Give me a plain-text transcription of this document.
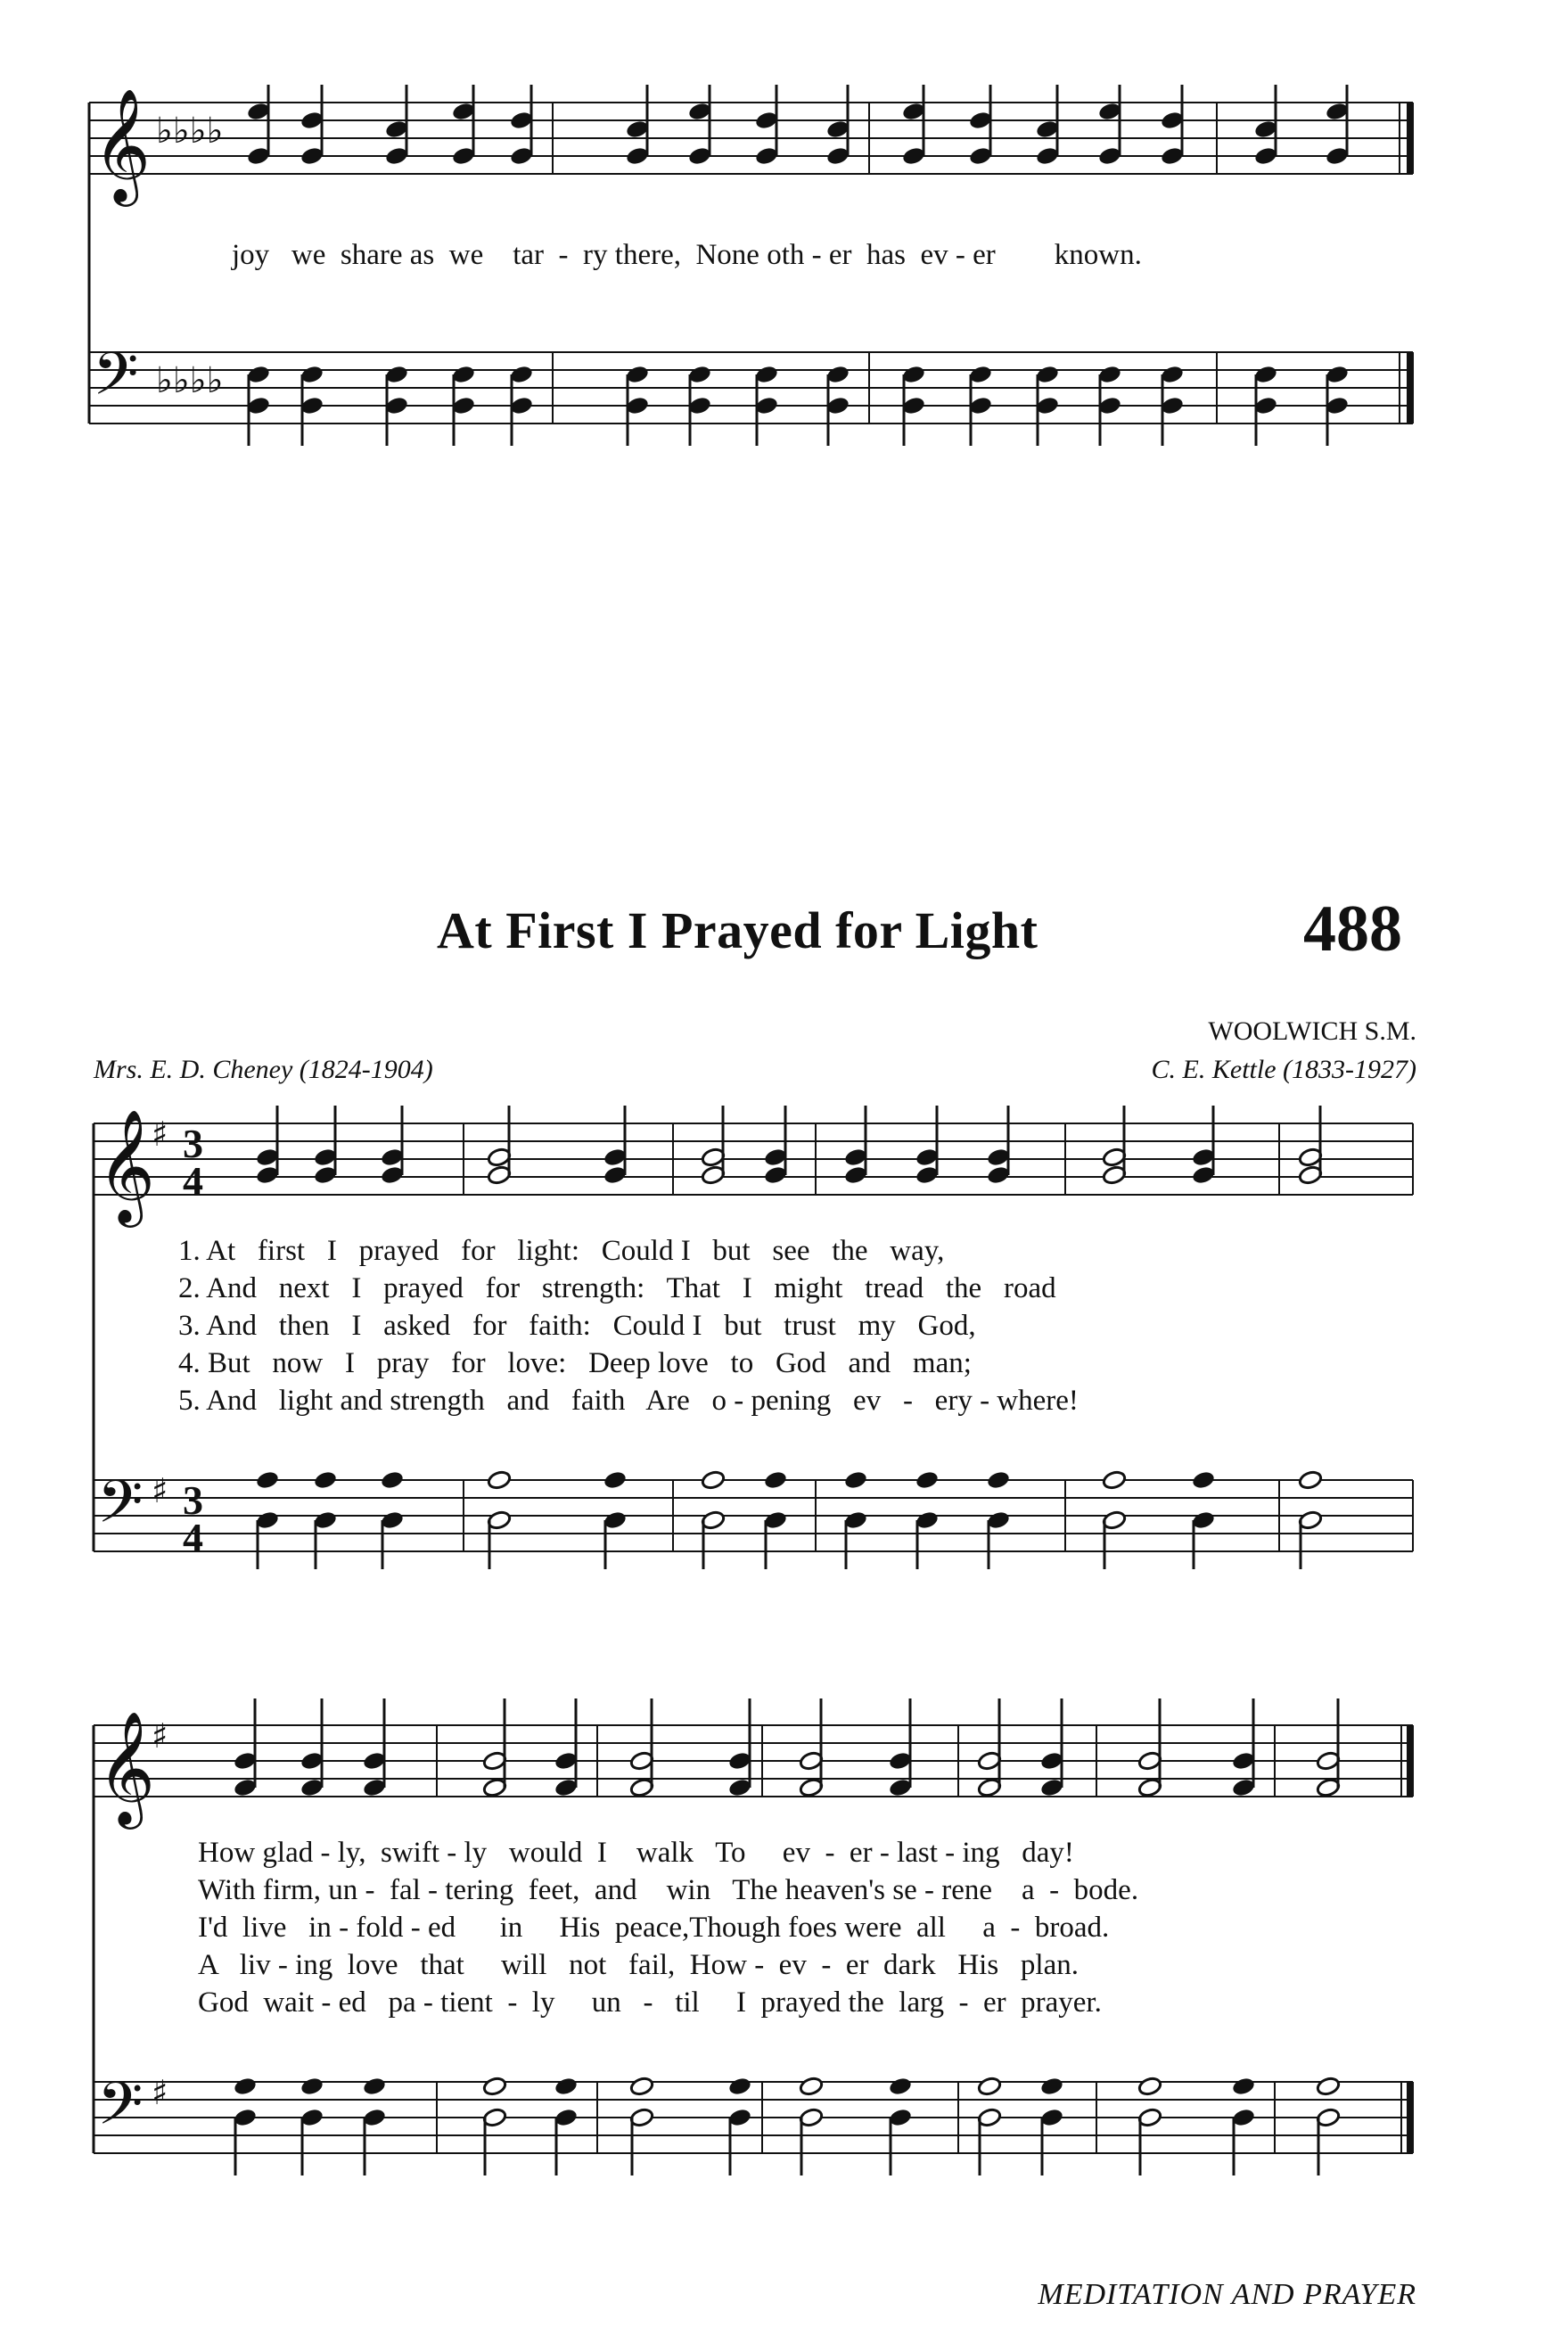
𝄞
𝄢
𝄞
𝄢
𝄞
𝄢
♭♭♭♭
♭♭♭♭
♯
♯
♯
♯
3
4
3
4
joy   we  share as  we    tar  -  ry there,  None oth - er  has  ev - er        known.
At First I Prayed for Light	488
WOOLWICH S.M.
Mrs. E. D. Cheney (1824-1904)	C. E. Kettle (1833-1927)
1. At   first   I   prayed   for   light:   Could I   but   see   the   way,
2. And   next   I   prayed   for   strength:   That   I   might   tread   the   road
3. And   then   I   asked   for   faith:   Could I   but   trust   my   God,
4. But   now   I   pray   for   love:   Deep love   to   God   and   man;
5. And   light and strength   and   faith   Are   o - pening   ev   -   ery - where!
How glad - ly,  swift - ly   would  I    walk   To     ev  -  er - last - ing   day!
With firm, un -  fal - tering  feet,  and    win   The heaven's se - rene    a  -  bode.
I'd  live   in - fold - ed      in     His  peace,Though foes were  all     a  -  broad.
A   liv - ing  love   that     will   not   fail,  How -  ev  -  er  dark   His   plan.
God  wait - ed   pa - tient  -  ly     un   -   til     I  prayed the  larg  -  er  prayer.
MEDITATION AND PRAYER
